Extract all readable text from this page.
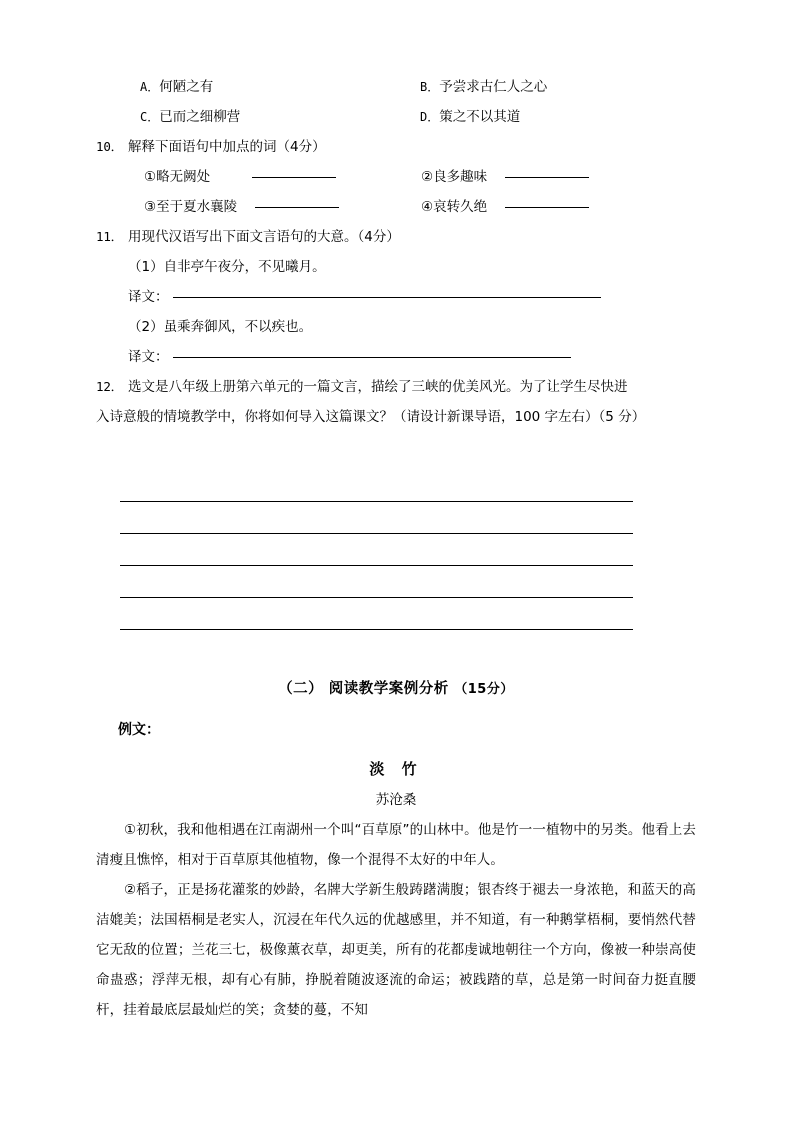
A．何陋之有	B．予尝求古仁人之心
C．已而之细柳营	D．策之不以其道
10． 解释下面语句中加点的词（4分）
①略无阙处	②良多趣味
③至于夏水襄陵	④哀转久绝
11． 用现代汉语写出下面文言语句的大意。（4分）
（1）自非亭午夜分，不见曦月。
译文：
（2）虽乘奔御风，不以疾也。
译文：
12． 选文是八年级上册第六单元的一篇文言，描绘了三峡的优美风光。为了让学生尽快进
入诗意般的情境教学中，你将如何导入这篇课文？（请设计新课导语，100 字左右）（5 分）
（二） 阅读教学案例分析 （15分）
例文：
淡 竹
苏沧桑

①初秋，我和他相遇在江南湖州一个叫“百草原”的山林中。他是竹一一植物中的另类。他看上去清瘦且憔悴，相对于百草原其他植物，像一个混得不太好的中年人。

②稻子，正是扬花灌浆的妙龄，名牌大学新生般踌躇满腹；银杏终于褪去一身浓艳，和蓝天的高洁媲美；法国梧桐是老实人，沉浸在年代久远的优越感里，并不知道，有一种鹅掌梧桐，要悄然代替它无敌的位置；兰花三七，极像薰衣草，却更美，所有的花都虔诚地朝往一个方向，像被一种崇高使命蛊惑；浮萍无根，却有心有肺，挣脱着随波逐流的命运；被践踏的草，总是第一时间奋力挺直腰杆，挂着最底层最灿烂的笑；贪婪的蔓，不知
